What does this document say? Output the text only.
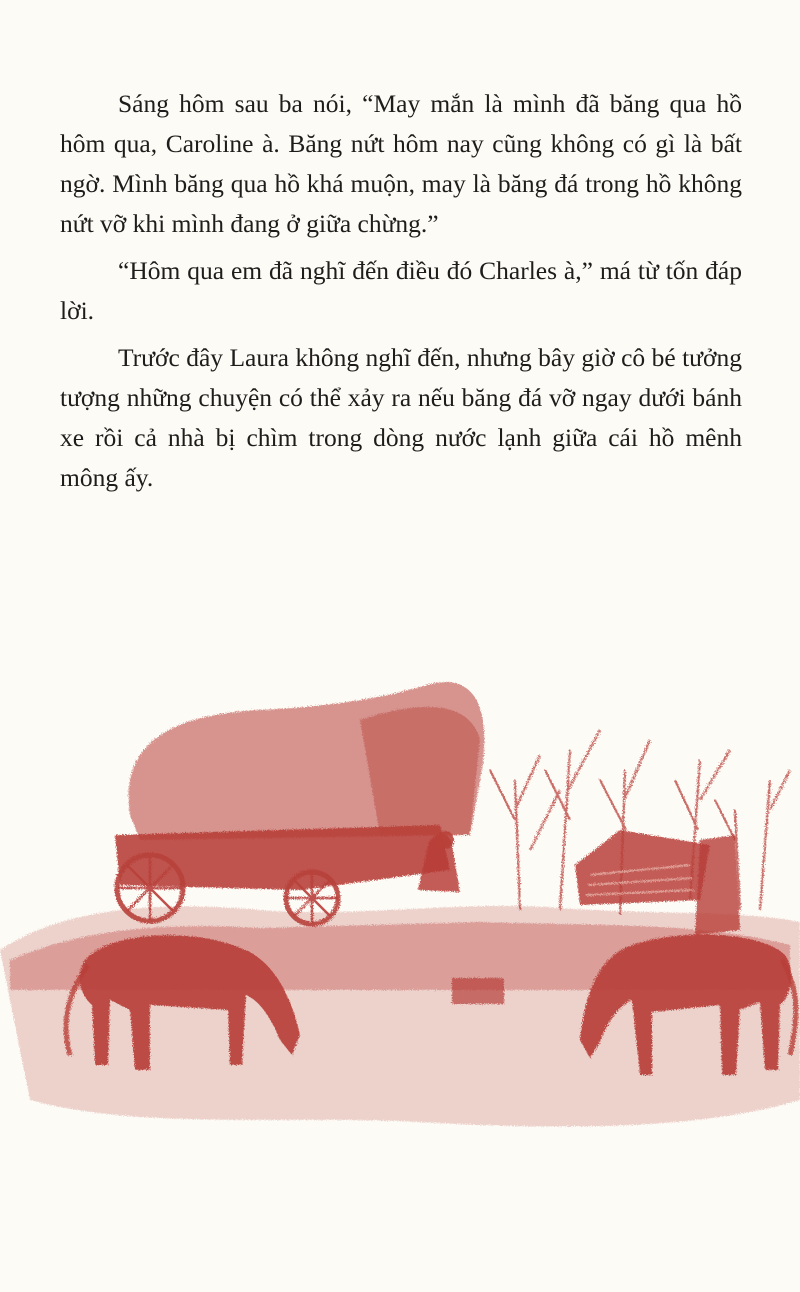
Sáng hôm sau ba nói, “May mắn là mình đã băng qua hồ hôm qua, Caroline à. Băng nứt hôm nay cũng không có gì là bất ngờ. Mình băng qua hồ khá muộn, may là băng đá trong hồ không nứt vỡ khi mình đang ở giữa chừng.”

“Hôm qua em đã nghĩ đến điều đó Charles à,” má từ tốn đáp lời.

Trước đây Laura không nghĩ đến, nhưng bây giờ cô bé tưởng tượng những chuyện có thể xảy ra nếu băng đá vỡ ngay dưới bánh xe rồi cả nhà bị chìm trong dòng nước lạnh giữa cái hồ mênh mông ấy.
